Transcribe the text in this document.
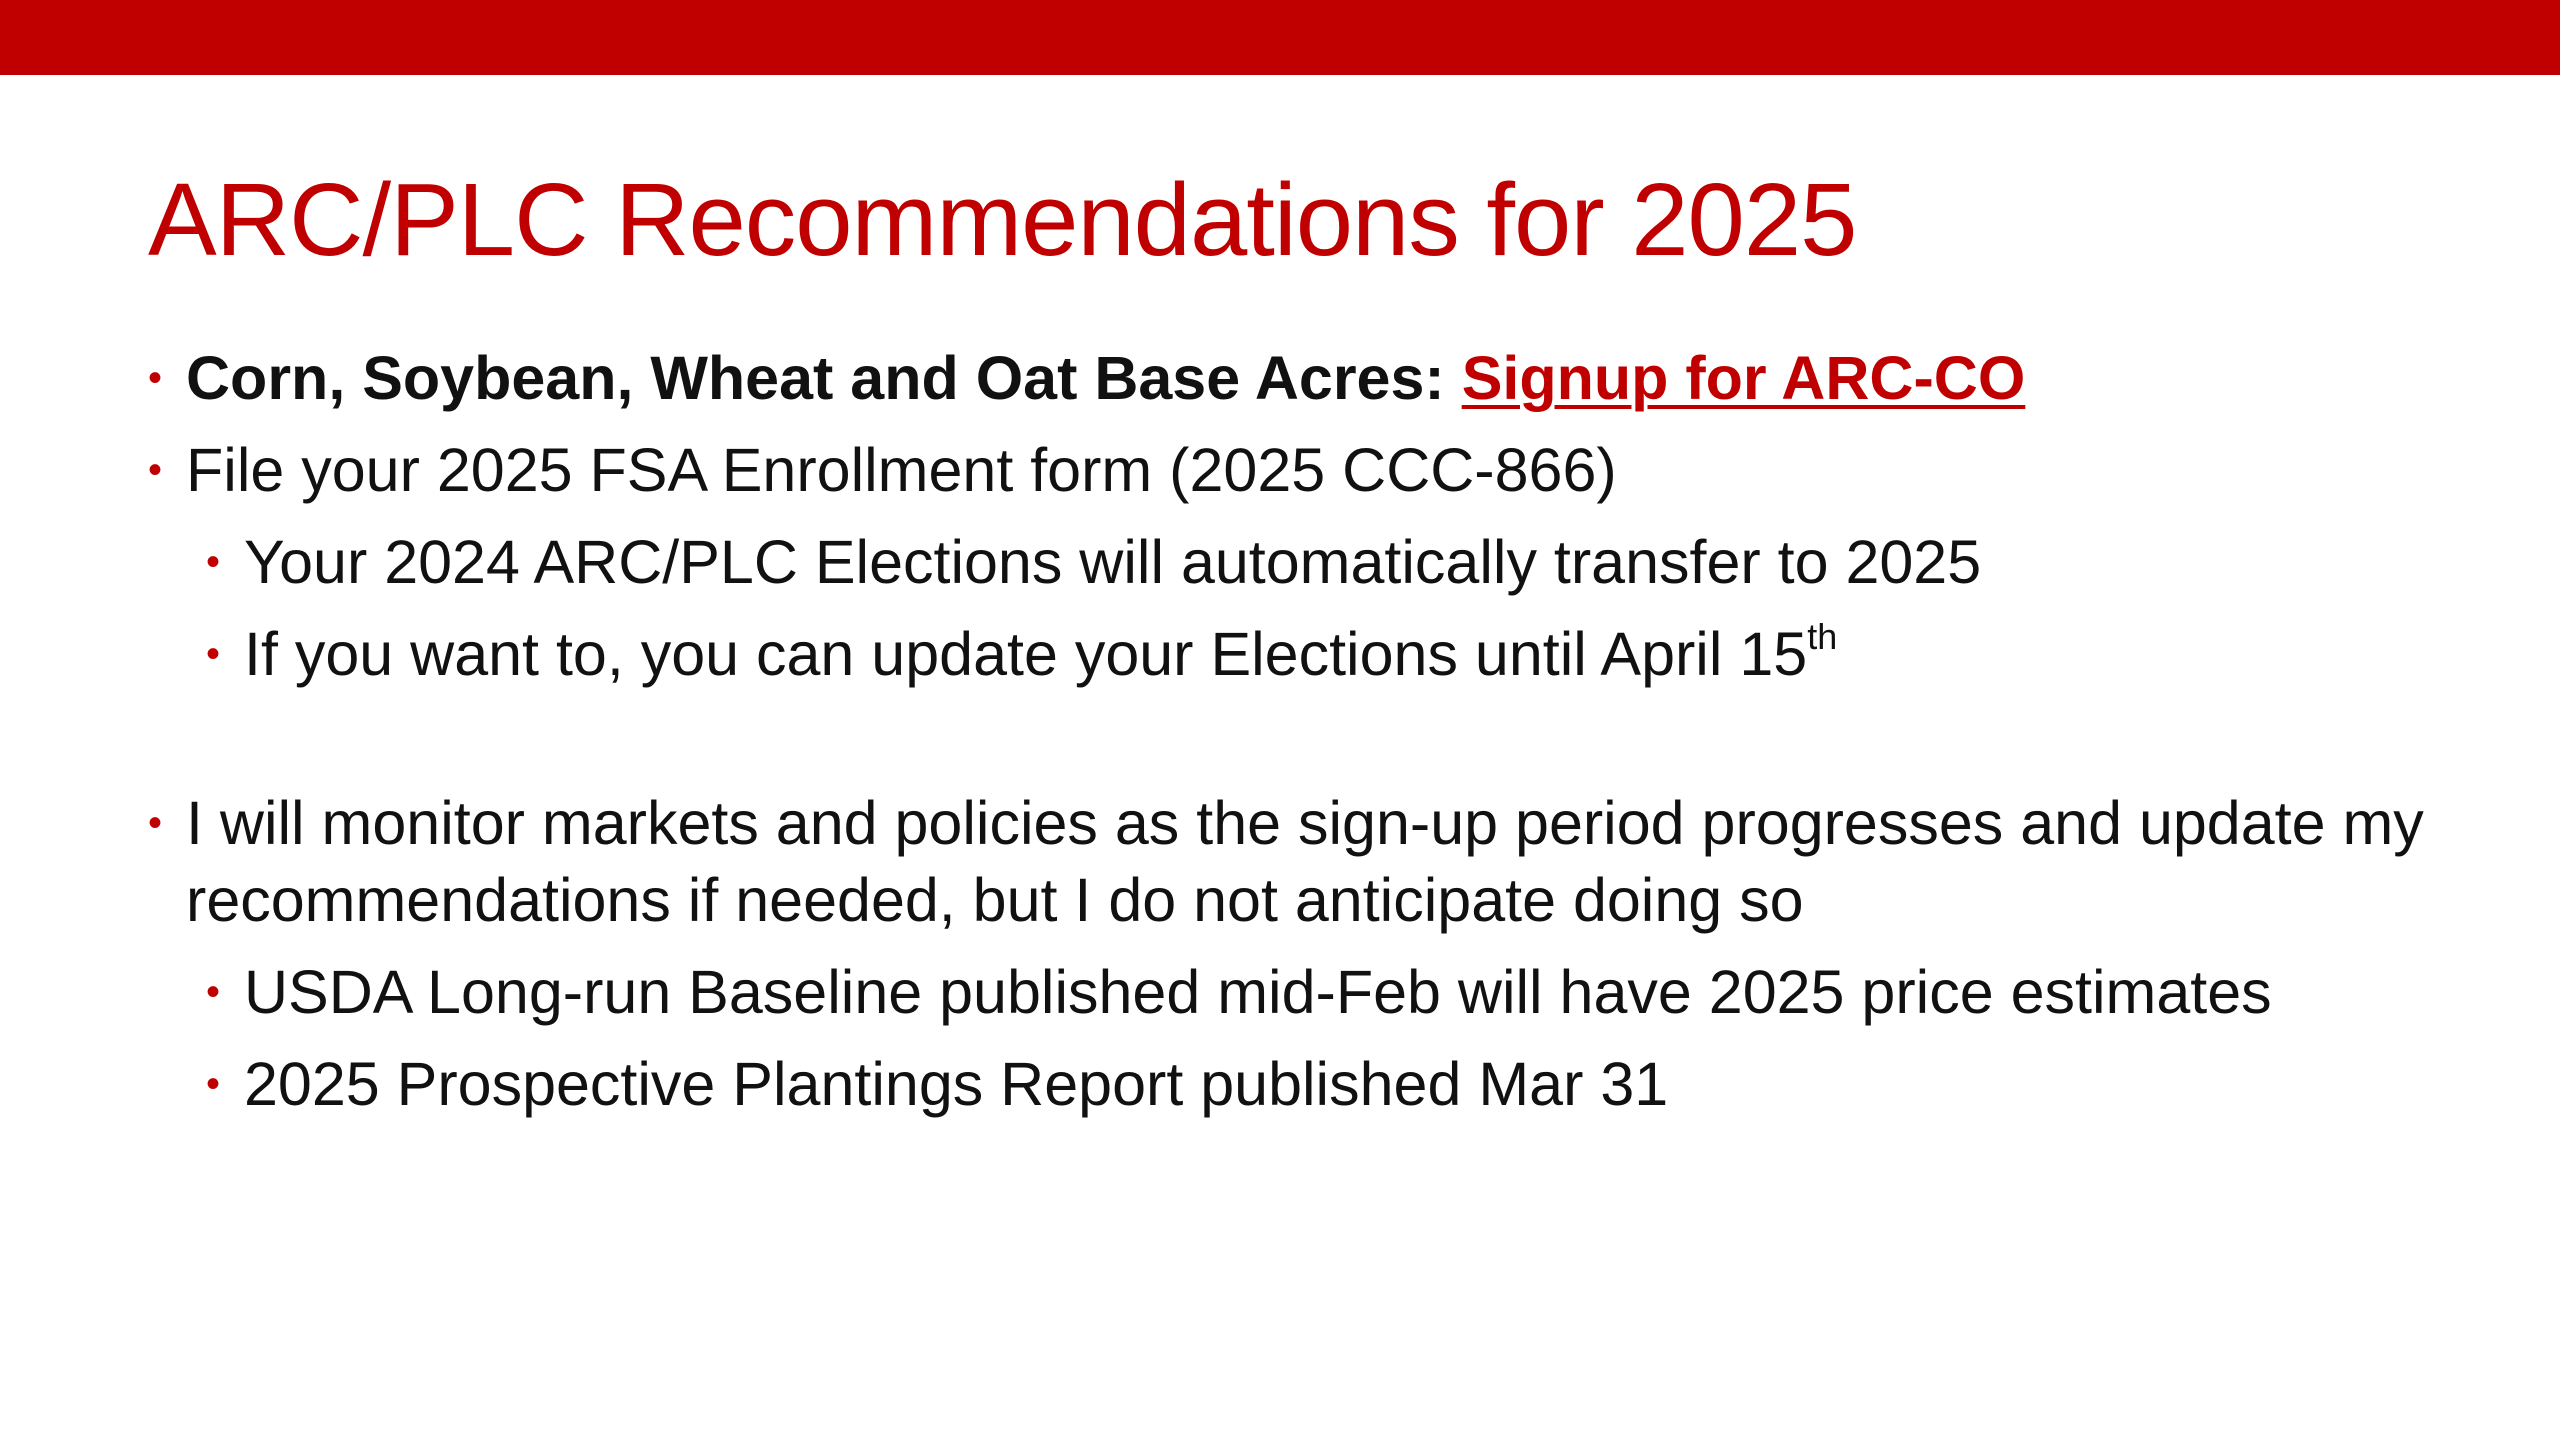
ARC/PLC Recommendations for 2025
• Corn, Soybean, Wheat and Oat Base Acres: Signup for ARC-CO
• File your 2025 FSA Enrollment form (2025 CCC-866)
• Your 2024 ARC/PLC Elections will automatically transfer to 2025
• If you want to, you can update your Elections until April 15th
• I will monitor markets and policies as the sign-up period progresses and update my recommendations if needed, but I do not anticipate doing so
• USDA Long-run Baseline published mid-Feb will have 2025 price estimates
• 2025 Prospective Plantings Report published Mar 31
